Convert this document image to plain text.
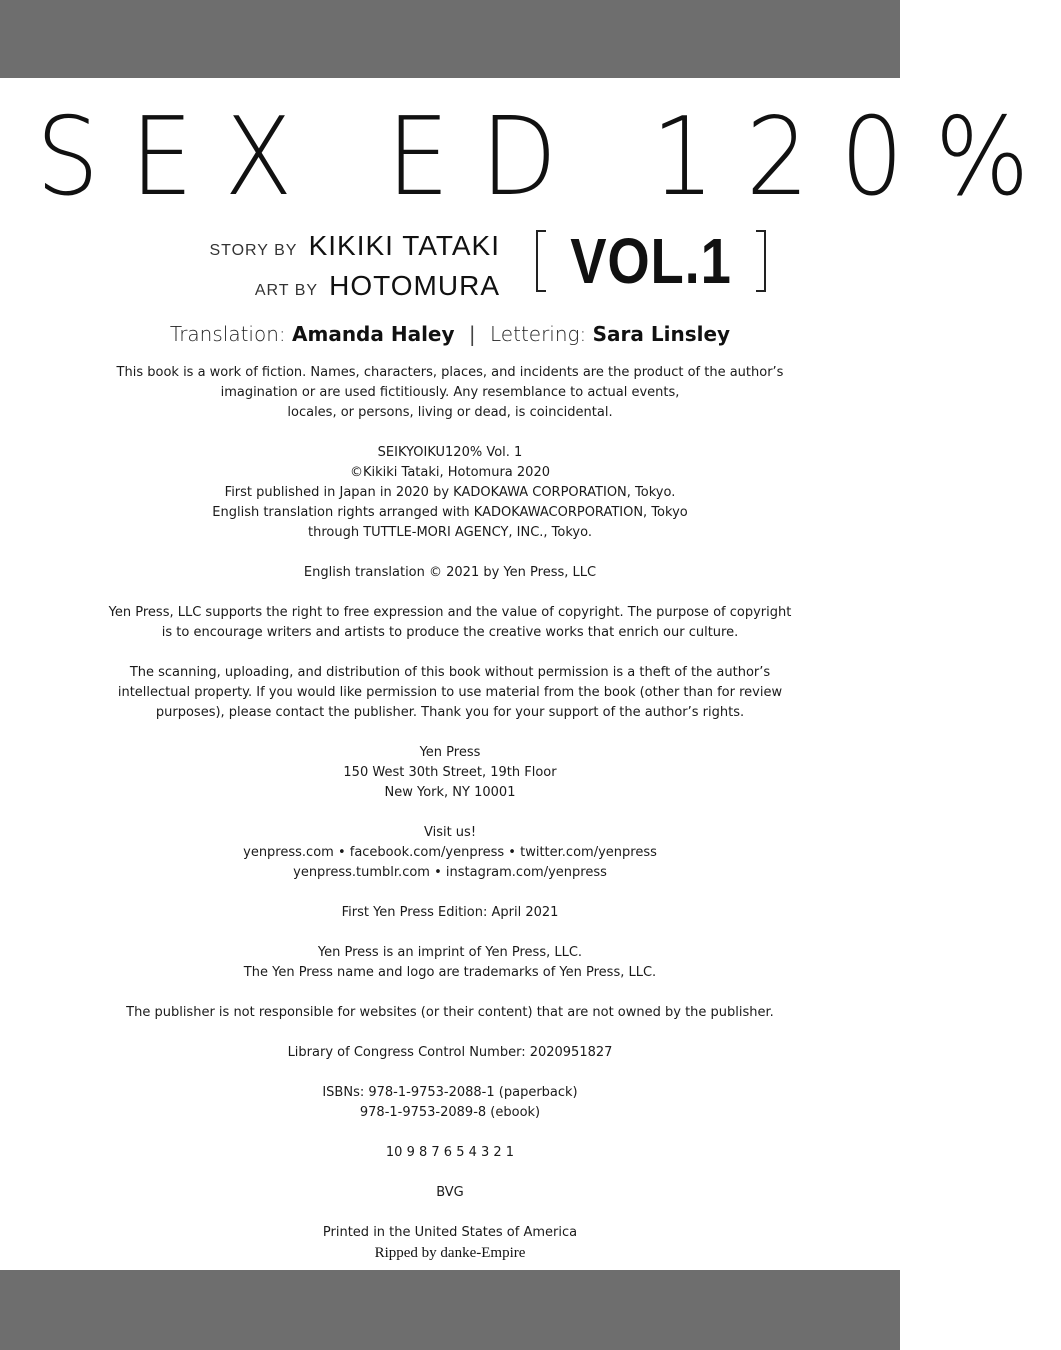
SEX ED 120%
STORY BY KIKIKI TATAKI
ART BY HOTOMURA VOL.1
Translation: Amanda Haley | Lettering: Sara Linsley
This book is a work of fiction. Names, characters, places, and incidents are the product of the author’s
imagination or are used fictitiously. Any resemblance to actual events,
locales, or persons, living or dead, is coincidental.
SEIKYOIKU120% Vol. 1
©Kikiki Tataki, Hotomura 2020
First published in Japan in 2020 by KADOKAWA CORPORATION, Tokyo.
English translation rights arranged with KADOKAWACORPORATION, Tokyo
through TUTTLE-MORI AGENCY, INC., Tokyo.
English translation © 2021 by Yen Press, LLC
Yen Press, LLC supports the right to free expression and the value of copyright. The purpose of copyright
is to encourage writers and artists to produce the creative works that enrich our culture.
The scanning, uploading, and distribution of this book without permission is a theft of the author’s
intellectual property. If you would like permission to use material from the book (other than for review
purposes), please contact the publisher. Thank you for your support of the author’s rights.
Yen Press
150 West 30th Street, 19th Floor
New York, NY 10001
Visit us!
yenpress.com • facebook.com/yenpress • twitter.com/yenpress
yenpress.tumblr.com • instagram.com/yenpress
First Yen Press Edition: April 2021
Yen Press is an imprint of Yen Press, LLC.
The Yen Press name and logo are trademarks of Yen Press, LLC.
The publisher is not responsible for websites (or their content) that are not owned by the publisher.
Library of Congress Control Number: 2020951827
ISBNs: 978-1-9753-2088-1 (paperback)
978-1-9753-2089-8 (ebook)
10 9 8 7 6 5 4 3 2 1
BVG
Printed in the United States of America
Ripped by danke-Empire
